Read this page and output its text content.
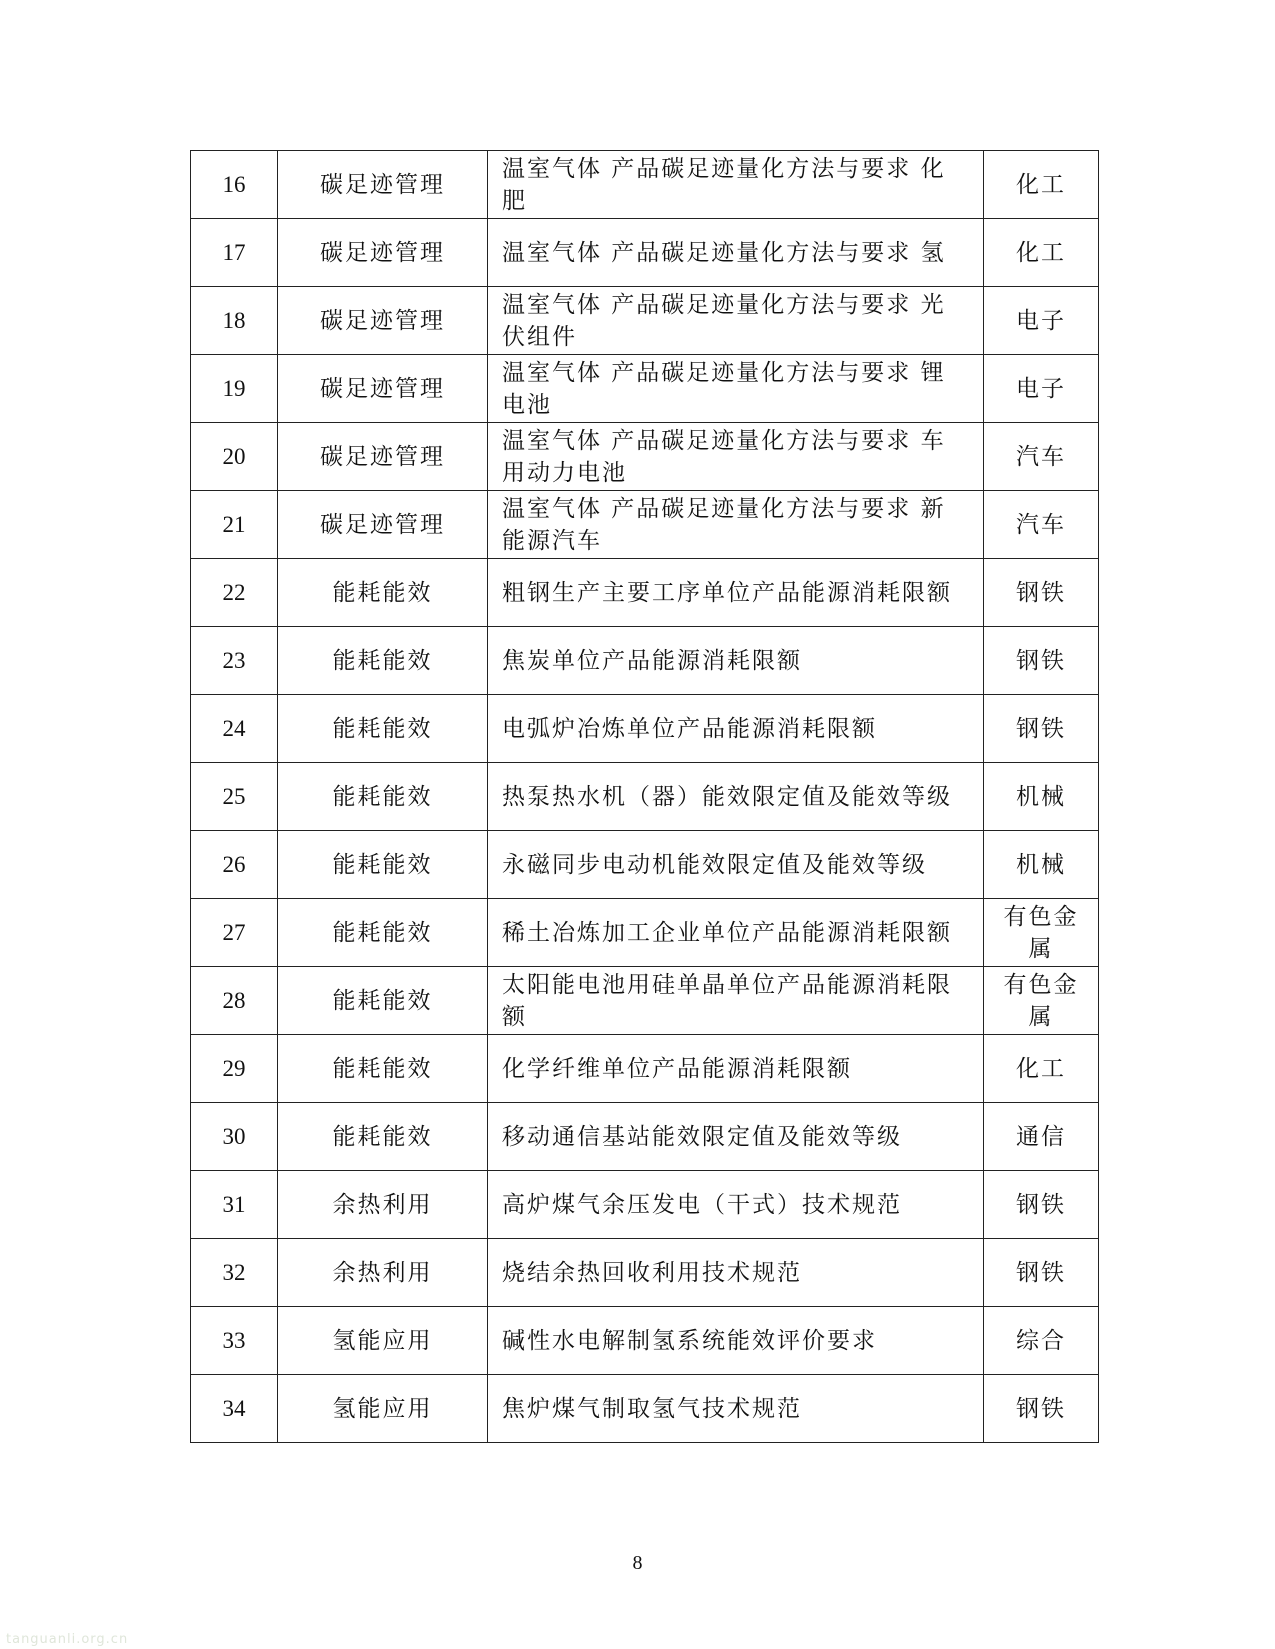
16	碳足迹管理	温室气体 产品碳足迹量化方法与要求 化肥	化工
17	碳足迹管理	温室气体 产品碳足迹量化方法与要求 氢	化工
18	碳足迹管理	温室气体 产品碳足迹量化方法与要求 光伏组件	电子
19	碳足迹管理	温室气体 产品碳足迹量化方法与要求 锂电池	电子
20	碳足迹管理	温室气体 产品碳足迹量化方法与要求 车用动力电池	汽车
21	碳足迹管理	温室气体 产品碳足迹量化方法与要求 新能源汽车	汽车
22	能耗能效	粗钢生产主要工序单位产品能源消耗限额	钢铁
23	能耗能效	焦炭单位产品能源消耗限额	钢铁
24	能耗能效	电弧炉冶炼单位产品能源消耗限额	钢铁
25	能耗能效	热泵热水机（器）能效限定值及能效等级	机械
26	能耗能效	永磁同步电动机能效限定值及能效等级	机械
27	能耗能效	稀土冶炼加工企业单位产品能源消耗限额	有色金属
28	能耗能效	太阳能电池用硅单晶单位产品能源消耗限额	有色金属
29	能耗能效	化学纤维单位产品能源消耗限额	化工
30	能耗能效	移动通信基站能效限定值及能效等级	通信
31	余热利用	高炉煤气余压发电（干式）技术规范	钢铁
32	余热利用	烧结余热回收利用技术规范	钢铁
33	氢能应用	碱性水电解制氢系统能效评价要求	综合
34	氢能应用	焦炉煤气制取氢气技术规范	钢铁
8
tanguanli.org.cn
